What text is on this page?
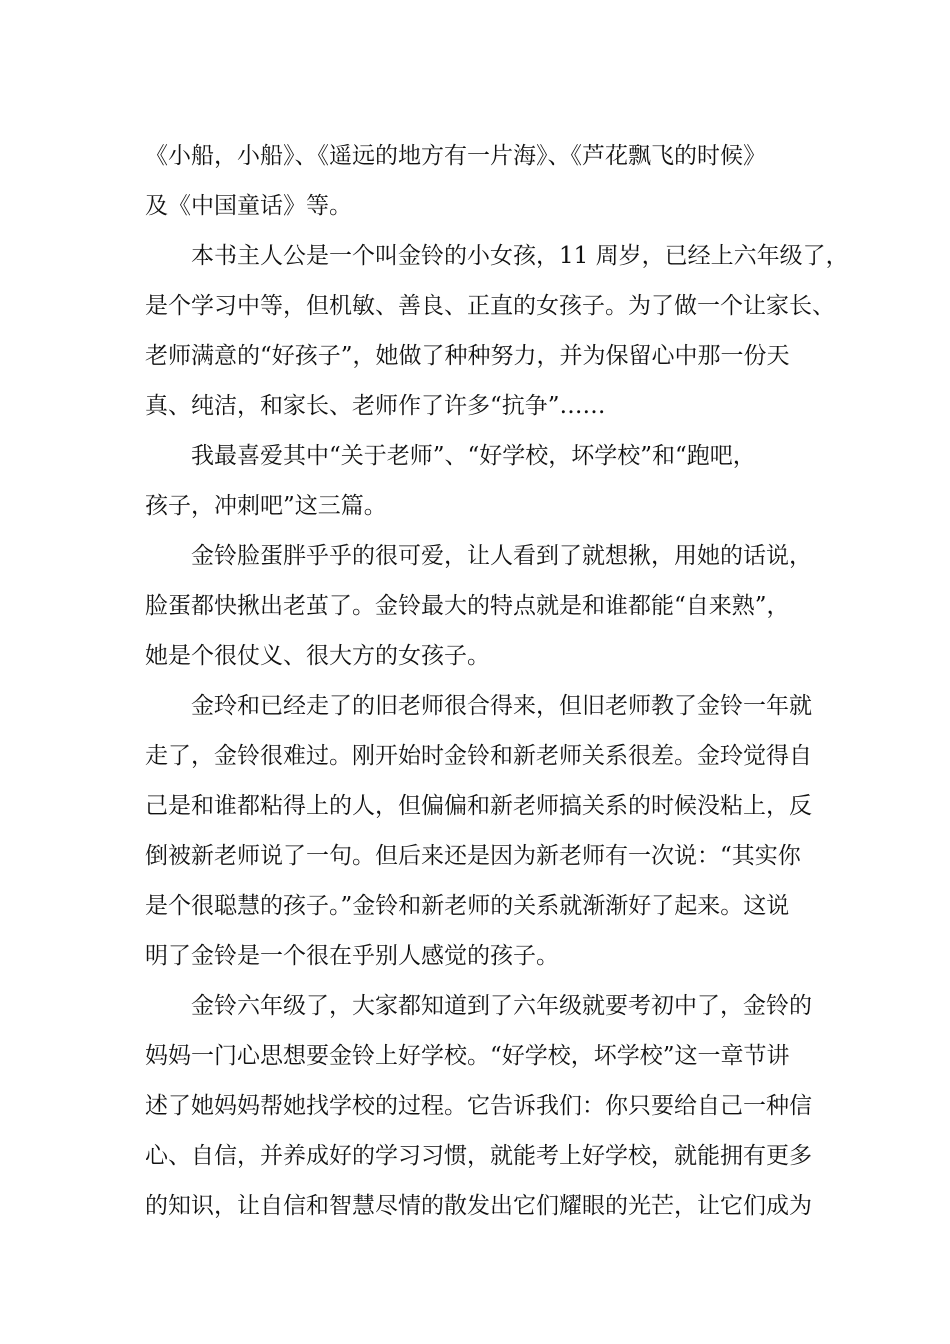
《小船，小船》、《遥远的地方有一片海》、《芦花飘飞的时候》
及《中国童话》等。
本书主人公是一个叫金铃的小女孩，11 周岁，已经上六年级了，
是个学习中等，但机敏、善良、正直的女孩子。为了做一个让家长、
老师满意的“好孩子”，她做了种种努力，并为保留心中那一份天
真、纯洁，和家长、老师作了许多“抗争”……
我最喜爱其中“关于老师”、“好学校，坏学校”和“跑吧，
孩子，冲刺吧”这三篇。
金铃脸蛋胖乎乎的很可爱，让人看到了就想揪，用她的话说，
脸蛋都快揪出老茧了。金铃最大的特点就是和谁都能“自来熟”，
她是个很仗义、很大方的女孩子。
金玲和已经走了的旧老师很合得来，但旧老师教了金铃一年就
走了，金铃很难过。刚开始时金铃和新老师关系很差。金玲觉得自
己是和谁都粘得上的人，但偏偏和新老师搞关系的时候没粘上，反
倒被新老师说了一句。但后来还是因为新老师有一次说：“其实你
是个很聪慧的孩子。”金铃和新老师的关系就渐渐好了起来。这说
明了金铃是一个很在乎别人感觉的孩子。
金铃六年级了，大家都知道到了六年级就要考初中了，金铃的
妈妈一门心思想要金铃上好学校。“好学校，坏学校”这一章节讲
述了她妈妈帮她找学校的过程。它告诉我们：你只要给自己一种信
心、自信，并养成好的学习习惯，就能考上好学校，就能拥有更多
的知识，让自信和智慧尽情的散发出它们耀眼的光芒，让它们成为
